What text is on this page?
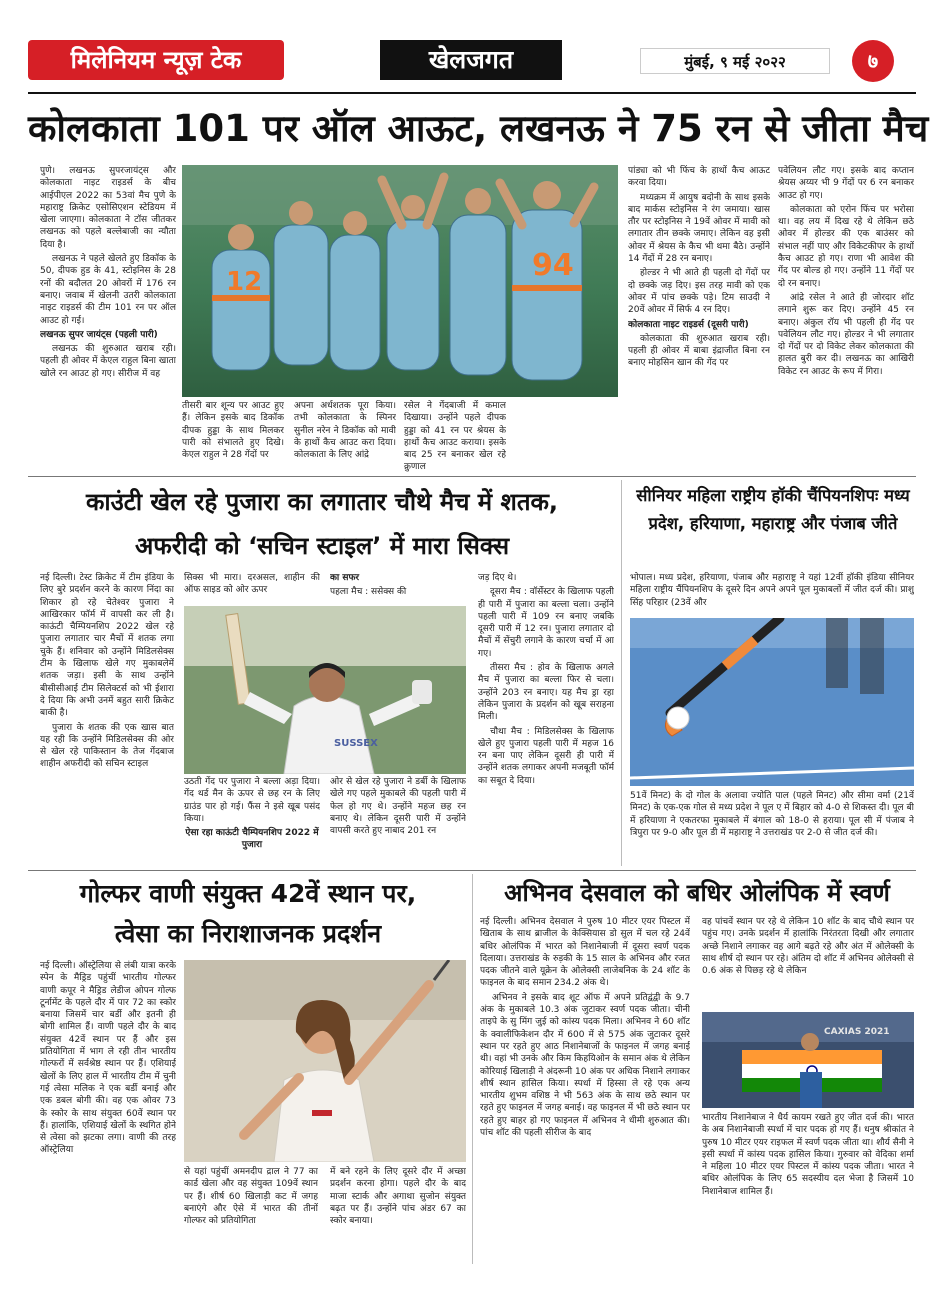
मिलेनियम न्यूज़ टेक	खेलजगत	मुंबई, ९ मई २०२२	७
कोलकाता 101 पर ऑल आऊट, लखनऊ ने 75 रन से जीता मैच

पुणे। लखनऊ सुपरजायंट्स और कोलकाता नाइट राइडर्स के बीच आईपीएल 2022 का 53वां मैच पुणे के महाराष्ट्र क्रिकेट एसोसिएशन स्टेडियम में खेला जाएगा। कोलकाता ने टॉस जीतकर लखनऊ को पहले बल्लेबाजी का न्यौता दिया है।

लखनऊ ने पहले खेलते हुए डिकॉक के 50, दीपक हुड के 41, स्टोइनिस के 28 रनों की बदौलत 20 ओवरों में 176 रन बनाए। जवाब में खेलनी उतरी कोलकाता नाइट राइडर्स की टीम 101 रन पर ऑल आउट हो गई।

लखनऊ सुपर जायंट्स (पहली पारी)

लखनऊ की शुरुआत खराब रही। पहली ही ओवर में केएल राहुल बिना खाता खोले रन आउट हो गए। सीरीज में वह

12	94

तीसरी बार शून्य पर आउट हुए हैं। लेकिन इसके बाद डिकॉक दीपक हुड्डा के साथ मिलकर पारी को संभालते हुए दिखे। केएल राहुल ने 28 गेंदों पर

अपना अर्धशतक पूरा किया। तभी कोलकाता के स्पिनर सुनील नरेन ने डिकॉक को मावी के हाथों कैच आउट करा दिया। कोलकाता के लिए आंद्रे

रसेल ने गेंदबाजी में कमाल दिखाया। उन्होंने पहले दीपक हुड्डा को 41 रन पर श्रेयस के हाथों कैच आउट कराया। इसके बाद 25 रन बनाकर खेल रहे क्रुणाल

पांड्या को भी फिंच के हाथों कैच आऊट करवा दिया।

मध्यक्रम में आयुष बदोनी के साथ इसके बाद मार्कस स्टोइनिस ने रंग जमाया। खास तौर पर स्टोइनिस ने 19वें ओवर में मावी को लगातार तीन छक्के जमाए। लेकिन वह इसी ओवर में श्रेयस के कैच भी थमा बैठे। उन्होंने 14 गेंदों में 28 रन बनाए।

होल्डर ने भी आते ही पहली दो गेंदों पर दो छक्के जड़ दिए। इस तरह मावी को एक ओवर में पांच छक्के पड़े। टिम साउदी ने 20वें ओवर में सिर्फ 4 रन दिए।

कोलकाता नाइट राइडर्स (दूसरी पारी)

कोलकाता की शुरुआत खराब रही। पहली ही ओवर में बाबा इंद्राजीत बिना रन बनाए मोहसिन खान की गेंद पर

पवेलियन लौट गए। इसके बाद कप्तान श्रेयस अय्यर भी 9 गेंदों पर 6 रन बनाकर आउट हो गए।

कोलकाता को एरोन फिंच पर भरोसा था। वह लय में दिख रहे थे लेकिन छठे ओवर में होल्डर की एक बाउंसर को संभाल नहीं पाए और विकेटकीपर के हाथों कैच आउट हो गए। राणा भी आवेश की गेंद पर बोल्ड हो गए। उन्होंने 11 गेंदों पर दो रन बनाए।

आंद्रे रसेल ने आते ही जोरदार शॉट लगाने शुरू कर दिए। उन्होंने 45 रन बनाए। अंकुल रॉय भी पहली ही गेंद पर पवेलियन लौट गए। होल्डर ने भी लगातार दो गेंदों पर दो विकेट लेकर कोलकाता की हालत बुरी कर दी। लखनऊ का आखिरी विकेट रन आउट के रूप में गिरा।

काउंटी खेल रहे पुजारा का लगातार चौथे मैच में शतक,
अफरीदी को ‘सचिन स्टाइल’ में मारा सिक्स

नई दिल्ली। टेस्ट क्रिकेट में टीम इंडिया के लिए बुरे प्रदर्शन करने के कारण निंदा का शिकार हो रहे चेतेश्वर पुजारा ने आखिरकार फॉर्म में वापसी कर ली है। काऊंटी चैम्पियनशिप 2022 खेल रहे पुजारा लगातार चार मैचों में शतक लगा चुके हैं। शनिवार को उन्होंने मिडिलसेक्स टीम के खिलाफ खेले गए मुकाबलेमें शतक जड़ा। इसी के साथ उन्होंने बीसीसीआई टीम सिलेक्टर्स को भी ईशारा दे दिया कि अभी उनमें बहुत सारी क्रिकेट बाकी है।

पुजारा के शतक की एक खास बात यह रही कि उन्होंने मिडिलसेक्स की ओर से खेल रहे पाकिस्तान के तेज गेंदबाज शाहीन अफरीदी को सचिन स्टाइल

सिक्स भी मारा। दरअसल, शाहीन की ऑफ साइड को ओर ऊपर

का सफर

पहला मैच : ससेक्स की

SUSSEX

उठती गेंद पर पुजारा ने बल्ला अड़ा दिया। गेंद थर्ड मैन के ऊपर से छह रन के लिए ग्राउंड पार हो गई। फैंस ने इसे खूब पसंद किया।

ऐसा रहा काऊंटी चैम्पियनशिप 2022 में पुजारा

ओर से खेल रहे पुजारा ने डर्बी के खिलाफ खेले गए पहले मुकाबले की पहली पारी में फेल हो गए थे। उन्होंने महज छह रन बनाए थे। लेकिन दूसरी पारी में उन्होंने वापसी करते हुए नाबाद 201 रन

जड़ दिए थे।

दूसरा मैच : वॉर्सेस्टर के खिलाफ पहली ही पारी में पुजारा का बल्ला चला। उन्होंने पहली पारी में 109 रन बनाए जबकि दूसरी पारी में 12 रन। पुजारा लगातार दो मैचों में सेंचुरी लगाने के कारण चर्चा में आ गए।

तीसरा मैच : होव के खिलाफ अगले मैच में पुजारा का बल्ला फिर से चला। उन्होंने 203 रन बनाए। यह मैच ड्रा रहा लेकिन पुजारा के प्रदर्शन को खूब सराहना मिली।

चौथा मैच : मिडिलसेक्स के खिलाफ खेले हुए पुजारा पहली पारी में महज 16 रन बना पाए लेकिन दूसरी ही पारी में उन्होंने शतक लगाकर अपनी मजबूती फॉर्म का सबूत दे दिया।

सीनियर महिला राष्ट्रीय हॉकी चैंपियनशिपः मध्य प्रदेश, हरियाणा, महाराष्ट्र और पंजाब जीते

भोपाल। मध्य प्रदेश, हरियाणा, पंजाब और महाराष्ट्र ने यहां 12वीं हॉकी इंडिया सीनियर महिला राष्ट्रीय चैंपियनशिप के दूसरे दिन अपने अपने पूल मुकाबलों में जीत दर्ज की। प्राशु सिंह परिहार (23वें और

51वें मिनट) के दो गोल के अलावा ज्योति पाल (पहले मिनट) और सीमा वर्मा (21वें मिनट) के एक-एक गोल से मध्य प्रदेश ने पूल ए में बिहार को 4-0 से शिकस्त दी। पूल बी में हरियाणा ने एकतरफा मुकाबले में बंगाल को 18-0 से हराया। पूल सी में पंजाब ने त्रिपुरा पर 9-0 और पूल डी में महाराष्ट्र ने उत्तराखंड पर 2-0 से जीत दर्ज की।

गोल्फर वाणी संयुक्त 42वें स्थान पर,
त्वेसा का निराशाजनक प्रदर्शन

नई दिल्ली। ऑस्ट्रेलिया से लंबी यात्रा करके स्पेन के मैड्रिड पहुंचीं भारतीय गोल्फर वाणी कपूर ने मैड्रिड लेडीज ओपन गोल्फ टूर्नामेंट के पहले दौर में पार 72 का स्कोर बनाया जिसमें चार बर्डी और इतनी ही बोगी शामिल हैं। वाणी पहले दौर के बाद संयुक्त 42वें स्थान पर हैं और इस प्रतियोगिता में भाग ले रही तीन भारतीय गोल्फरों में सर्वश्रेष्ठ स्थान पर हैं। एशियाई खेलों के लिए हाल में भारतीय टीम में चुनी गई त्वेसा मलिक ने एक बर्डी बनाई और एक डबल बोगी की। वह एक ओवर 73 के स्कोर के साथ संयुक्त 60वें स्थान पर हैं। हालांकि, एशियाई खेलों के स्थगित होने से त्वेसा को झटका लगा। वाणी की तरह ऑस्ट्रेलिया

से यहां पहुंचीं अमनदीप द्राल ने 77 का कार्ड खेला और वह संयुक्त 109वें स्थान पर हैं। शीर्ष 60 खिलाड़ी कट में जगह बनाएंगे और ऐसे में भारत की तीनों गोल्फर को प्रतियोगिता

में बने रहने के लिए दूसरे दौर में अच्छा प्रदर्शन करना होगा। पहले दौर के बाद माजा स्टार्क और अगाथा सुजोन संयुक्त बढ़त पर हैं। उन्होंने पांच अंडर 67 का स्कोर बनाया।

अभिनव देसवाल को बधिर ओलंपिक में स्वर्ण

नई दिल्ली। अभिनव देसवाल ने पुरुष 10 मीटर एयर पिस्टल में खिताब के साथ ब्राजील के केक्सियास डो सुल में चल रहे 24वें बधिर ओलंपिक में भारत को निशानेबाजी में दूसरा स्वर्ण पदक दिलाया। उत्तराखंड के रुड़की के 15 साल के अभिनव और रजत पदक जीतने वाले यूक्रेन के ओलेक्सी लाजेबनिक के 24 शॉट के फाइनल के बाद समान 234.2 अंक थे।

अभिनव ने इसके बाद शूट ऑफ में अपने प्रतिद्वंद्वी के 9.7 अंक के मुकाबले 10.3 अंक जुटाकर स्वर्ण पदक जीता। चीनी ताइपे के सु मिंग जुई को कांस्य पदक मिला। अभिनव ने 60 शॉट के क्वालीफिकेशन दौर में 600 में से 575 अंक जुटाकर दूसरे स्थान पर रहते हुए आठ निशानेबाजों के फाइनल में जगह बनाई थी। वहां भी उनके और किम किहयिओन के समान अंक थे लेकिन कोरियाई खिलाड़ी ने अंदरूनी 10 अंक पर अधिक निशाने लगाकर शीर्ष स्थान हासिल किया। स्पर्धा में हिस्सा ले रहे एक अन्य भारतीय शुभम वशिष्ठ ने भी 563 अंक के साथ छठे स्थान पर रहते हुए फाइनल में जगह बनाई। वह फाइनल में भी छठे स्थान पर रहते हुए बाहर हो गए फाइनल में अभिनव ने धीमी शुरुआत की। पांच शॉट की पहली सीरीज के बाद

वह पांचवें स्थान पर रहे थे लेकिन 10 शॉट के बाद चौथे स्थान पर पहुंच गए। उनके प्रदर्शन में हालांकि निरंतरता दिखी और लगातार अच्छे निशाने लगाकर वह आगे बढ़ते रहे और अंत में ओलेक्सी के साथ शीर्ष दो स्थान पर रहे। अंतिम दो शॉट में अभिनव ओलेक्सी से 0.6 अंक से पिछड़ रहे थे लेकिन

CAXIAS 2021

भारतीय निशानेबाज ने धैर्य कायम रखते हुए जीत दर्ज की। भारत के अब निशानेबाजी स्पर्धा में चार पदक हो गए हैं। धनुष श्रीकांत ने पुरुष 10 मीटर एयर राइफल में स्वर्ण पदक जीता था। शौर्य सैनी ने इसी स्पर्धा में कांस्य पदक हासिल किया। गुरुवार को वेदिका शर्मा ने महिला 10 मीटर एयर पिस्टल में कांस्य पदक जीता। भारत ने बधिर ओलंपिक के लिए 65 सदस्यीय दल भेजा है जिसमें 10 निशानेबाज शामिल हैं।
